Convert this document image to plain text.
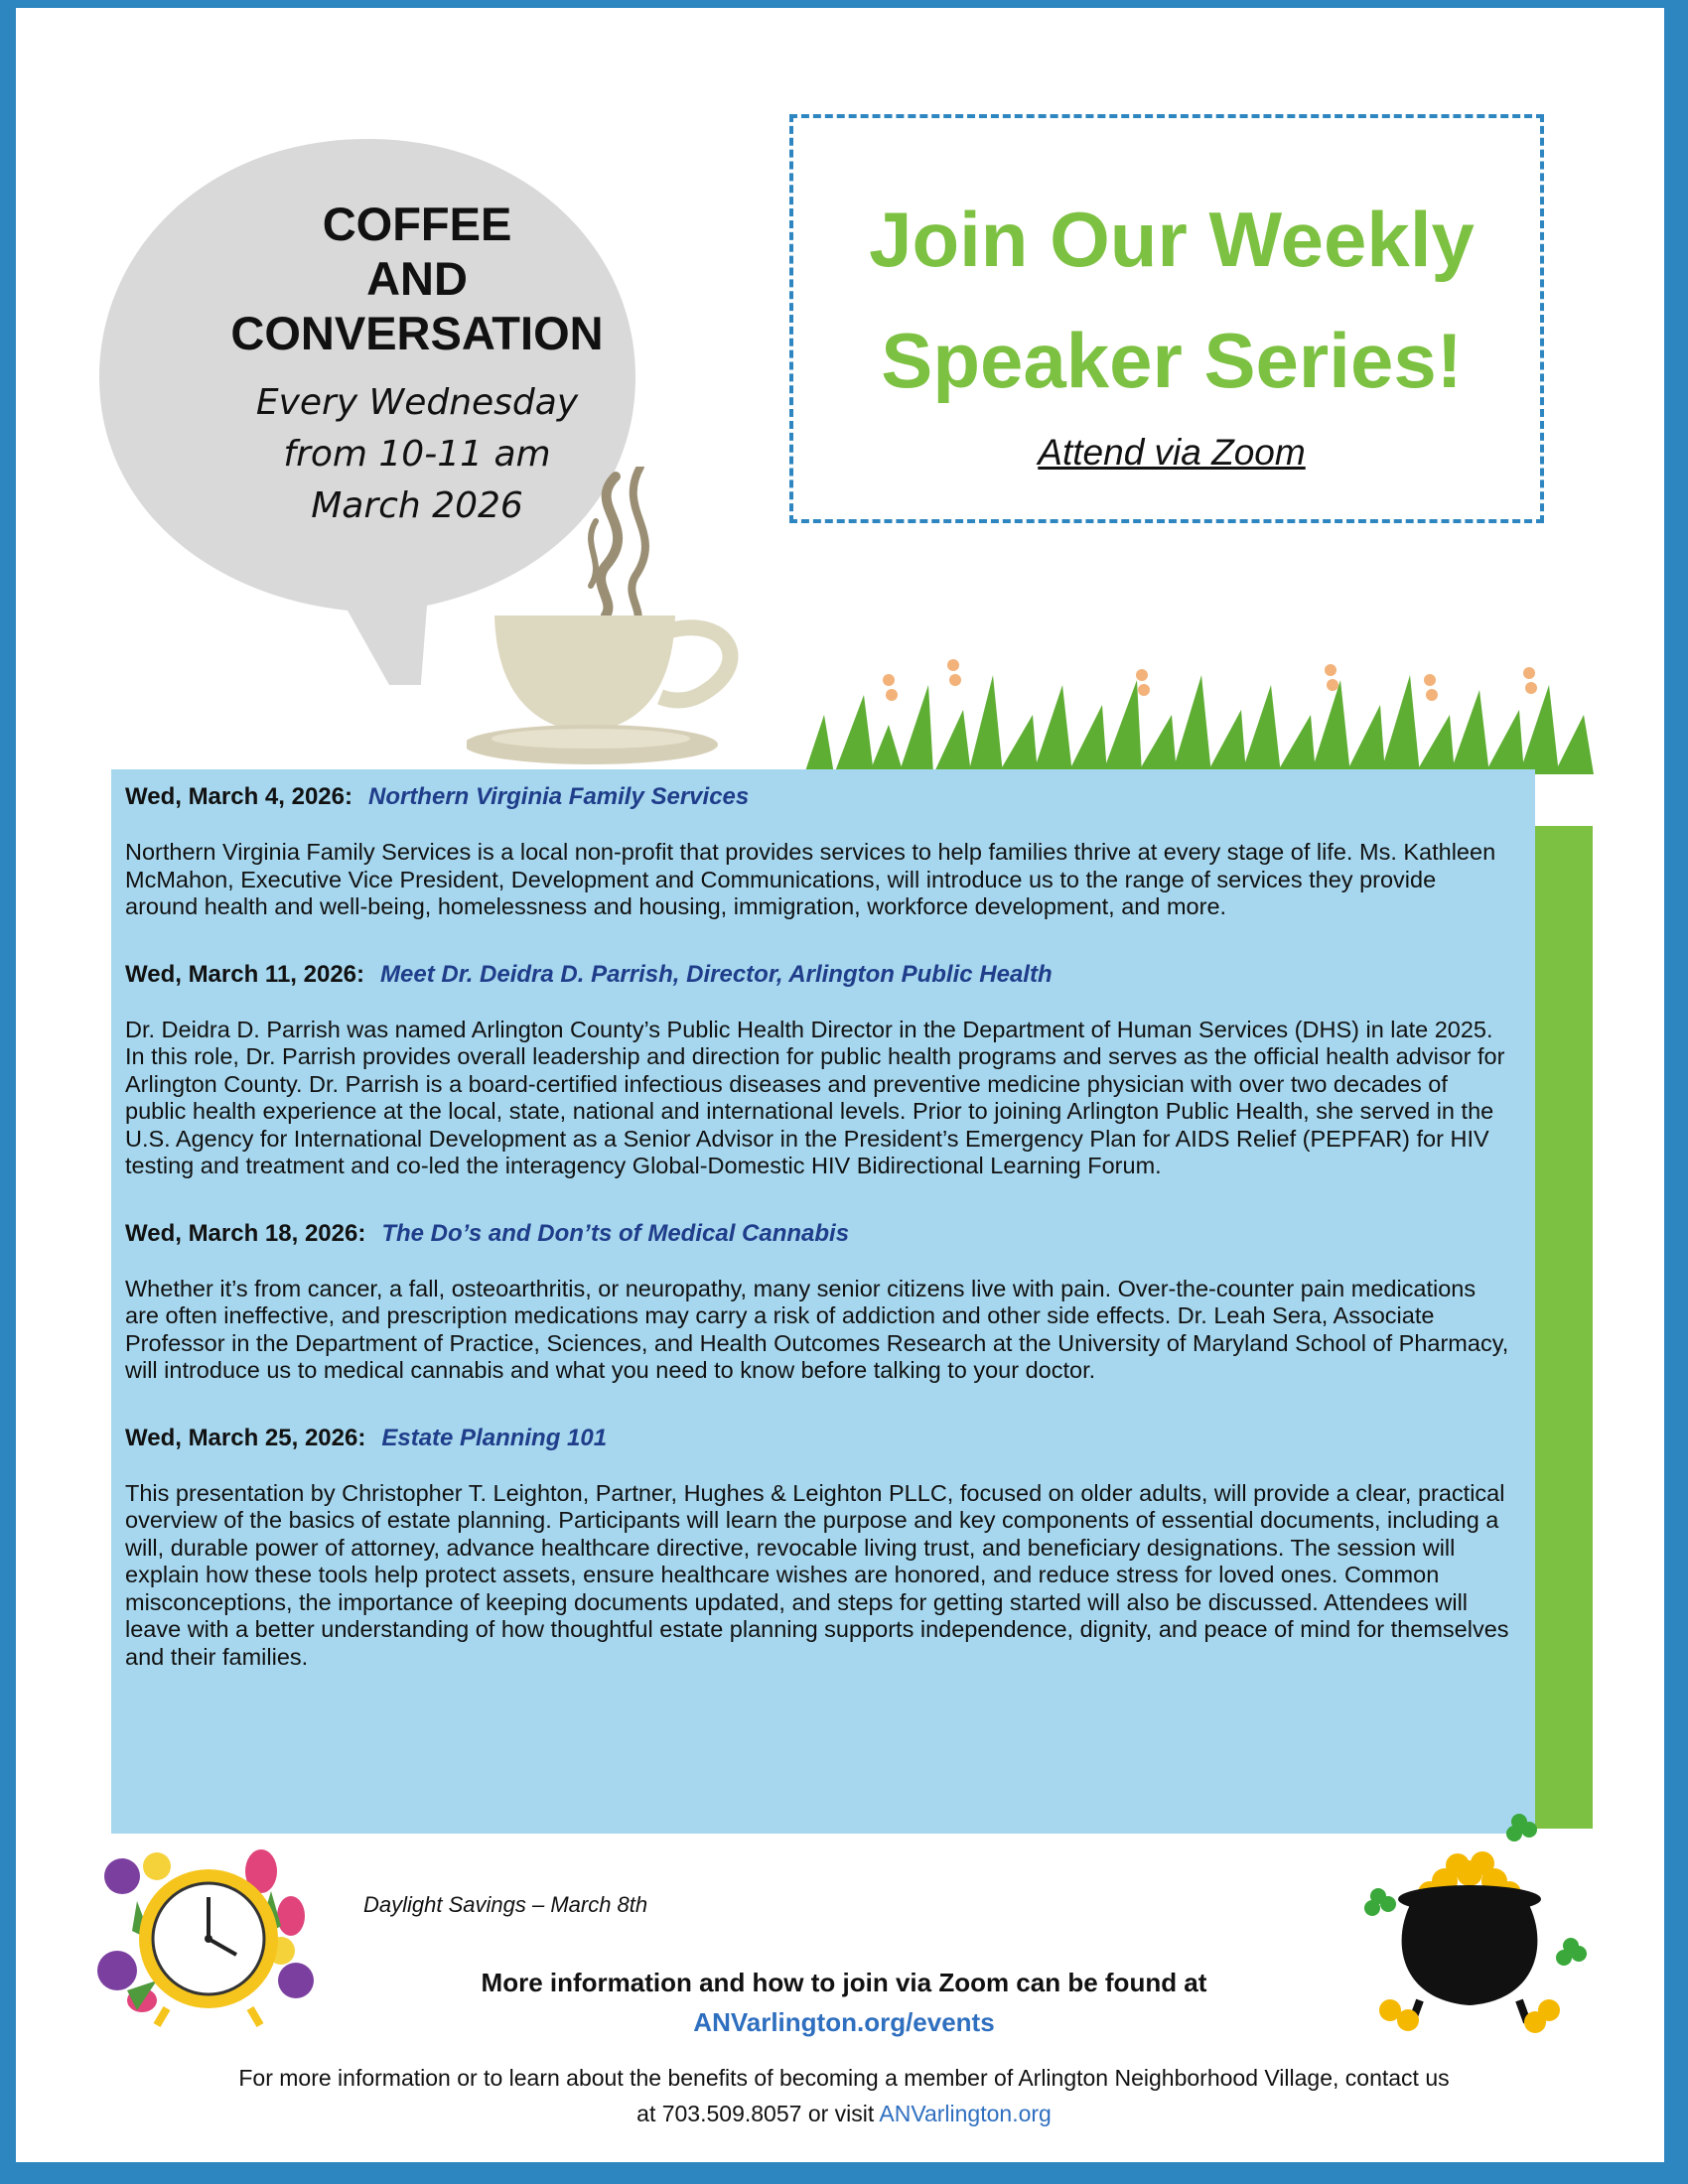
COFFEE
AND
CONVERSATION
Every Wednesday
from 10-11 am
March 2026
Join Our Weekly
Speaker Series!
Attend via Zoom
Wed, March 4, 2026: Northern Virginia Family Services
Northern Virginia Family Services is a local non-profit that provides services to help families thrive at every stage of life. Ms. Kathleen McMahon, Executive Vice President, Development and Communications, will introduce us to the range of services they provide around health and well-being, homelessness and housing, immigration, workforce development, and more.
Wed, March 11, 2026: Meet Dr. Deidra D. Parrish, Director, Arlington Public Health
Dr. Deidra D. Parrish was named Arlington County’s Public Health Director in the Department of Human Services (DHS) in late 2025. In this role, Dr. Parrish provides overall leadership and direction for public health programs and serves as the official health advisor for Arlington County. Dr. Parrish is a board-certified infectious diseases and preventive medicine physician with over two decades of public health experience at the local, state, national and international levels. Prior to joining Arlington Public Health, she served in the U.S. Agency for International Development as a Senior Advisor in the President’s Emergency Plan for AIDS Relief (PEPFAR) for HIV testing and treatment and co-led the interagency Global-Domestic HIV Bidirectional Learning Forum.
Wed, March 18, 2026: The Do’s and Don’ts of Medical Cannabis
Whether it’s from cancer, a fall, osteoarthritis, or neuropathy, many senior citizens live with pain. Over-the-counter pain medications are often ineffective, and prescription medications may carry a risk of addiction and other side effects. Dr. Leah Sera, Associate Professor in the Department of Practice, Sciences, and Health Outcomes Research at the University of Maryland School of Pharmacy, will introduce us to medical cannabis and what you need to know before talking to your doctor.
Wed, March 25, 2026: Estate Planning 101
This presentation by Christopher T. Leighton, Partner, Hughes & Leighton PLLC, focused on older adults, will provide a clear, practical overview of the basics of estate planning. Participants will learn the purpose and key components of essential documents, including a will, durable power of attorney, advance healthcare directive, revocable living trust, and beneficiary designations. The session will explain how these tools help protect assets, ensure healthcare wishes are honored, and reduce stress for loved ones. Common misconceptions, the importance of keeping documents updated, and steps for getting started will also be discussed. Attendees will leave with a better understanding of how thoughtful estate planning supports independence, dignity, and peace of mind for themselves and their families.
Daylight Savings – March 8th
More information and how to join via Zoom can be found at
ANVarlington.org/events
For more information or to learn about the benefits of becoming a member of Arlington Neighborhood Village, contact us
at 703.509.8057 or visit ANVarlington.org
